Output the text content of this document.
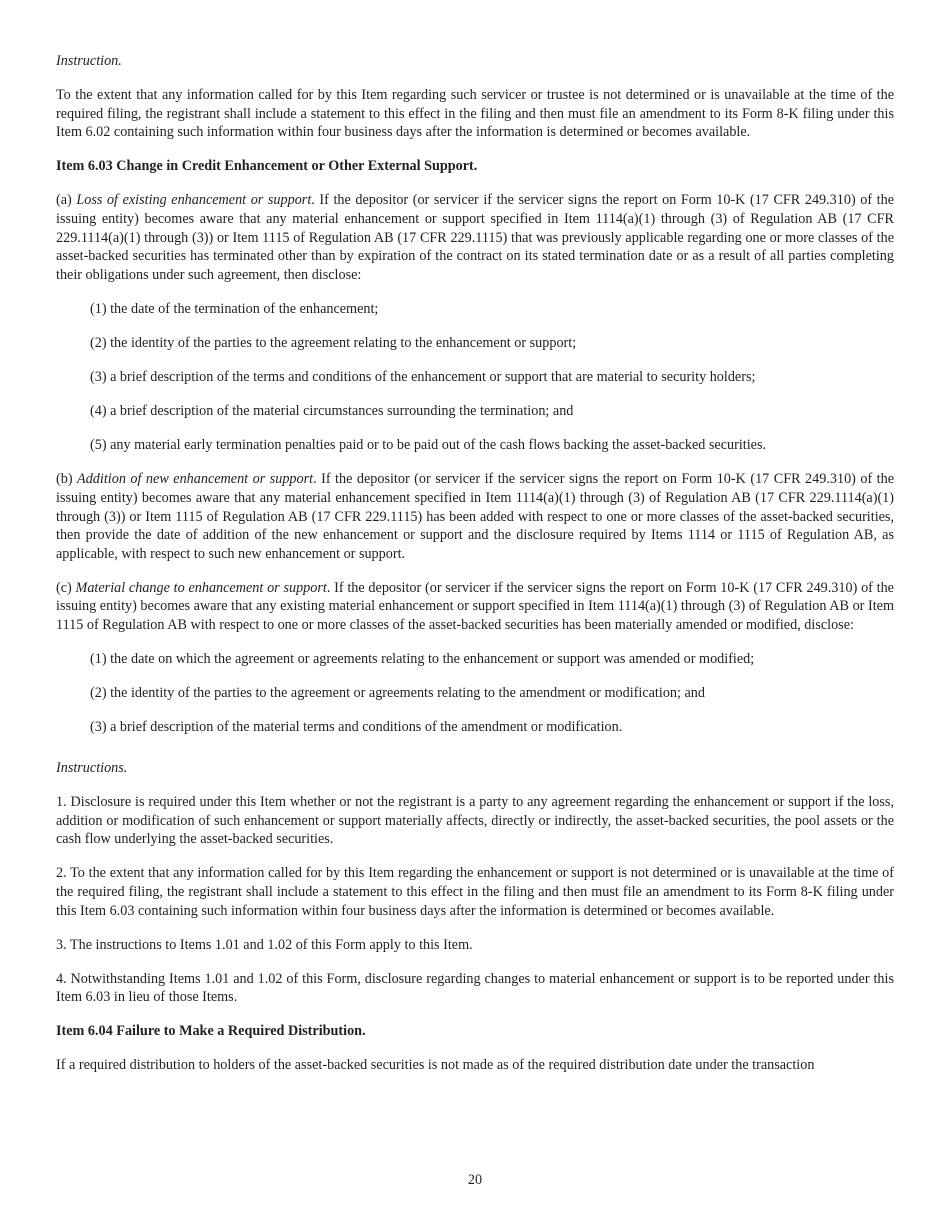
Instruction.

To the extent that any information called for by this Item regarding such servicer or trustee is not determined or is unavailable at the time of the required filing, the registrant shall include a statement to this effect in the filing and then must file an amendment to its Form 8-K filing under this Item 6.02 containing such information within four business days after the information is determined or becomes available.

Item 6.03 Change in Credit Enhancement or Other External Support.

(a) Loss of existing enhancement or support. If the depositor (or servicer if the servicer signs the report on Form 10-K (17 CFR 249.310) of the issuing entity) becomes aware that any material enhancement or support specified in Item 1114(a)(1) through (3) of Regulation AB (17 CFR 229.1114(a)(1) through (3)) or Item 1115 of Regulation AB (17 CFR 229.1115) that was previously applicable regarding one or more classes of the asset-backed securities has terminated other than by expiration of the contract on its stated termination date or as a result of all parties completing their obligations under such agreement, then disclose:

(1) the date of the termination of the enhancement;

(2) the identity of the parties to the agreement relating to the enhancement or support;

(3) a brief description of the terms and conditions of the enhancement or support that are material to security holders;

(4) a brief description of the material circumstances surrounding the termination; and

(5) any material early termination penalties paid or to be paid out of the cash flows backing the asset-backed securities.

(b) Addition of new enhancement or support. If the depositor (or servicer if the servicer signs the report on Form 10-K (17 CFR 249.310) of the issuing entity) becomes aware that any material enhancement specified in Item 1114(a)(1) through (3) of Regulation AB (17 CFR 229.1114(a)(1) through (3)) or Item 1115 of Regulation AB (17 CFR 229.1115) has been added with respect to one or more classes of the asset-backed securities, then provide the date of addition of the new enhancement or support and the disclosure required by Items 1114 or 1115 of Regulation AB, as applicable, with respect to such new enhancement or support.

(c) Material change to enhancement or support. If the depositor (or servicer if the servicer signs the report on Form 10-K (17 CFR 249.310) of the issuing entity) becomes aware that any existing material enhancement or support specified in Item 1114(a)(1) through (3) of Regulation AB or Item 1115 of Regulation AB with respect to one or more classes of the asset-backed securities has been materially amended or modified, disclose:

(1) the date on which the agreement or agreements relating to the enhancement or support was amended or modified;

(2) the identity of the parties to the agreement or agreements relating to the amendment or modification; and

(3) a brief description of the material terms and conditions of the amendment or modification.

Instructions.

1. Disclosure is required under this Item whether or not the registrant is a party to any agreement regarding the enhancement or support if the loss, addition or modification of such enhancement or support materially affects, directly or indirectly, the asset-backed securities, the pool assets or the cash flow underlying the asset-backed securities.

2. To the extent that any information called for by this Item regarding the enhancement or support is not determined or is unavailable at the time of the required filing, the registrant shall include a statement to this effect in the filing and then must file an amendment to its Form 8-K filing under this Item 6.03 containing such information within four business days after the information is determined or becomes available.

3. The instructions to Items 1.01 and 1.02 of this Form apply to this Item.

4. Notwithstanding Items 1.01 and 1.02 of this Form, disclosure regarding changes to material enhancement or support is to be reported under this Item 6.03 in lieu of those Items.

Item 6.04 Failure to Make a Required Distribution.

If a required distribution to holders of the asset-backed securities is not made as of the required distribution date under the transaction

20
